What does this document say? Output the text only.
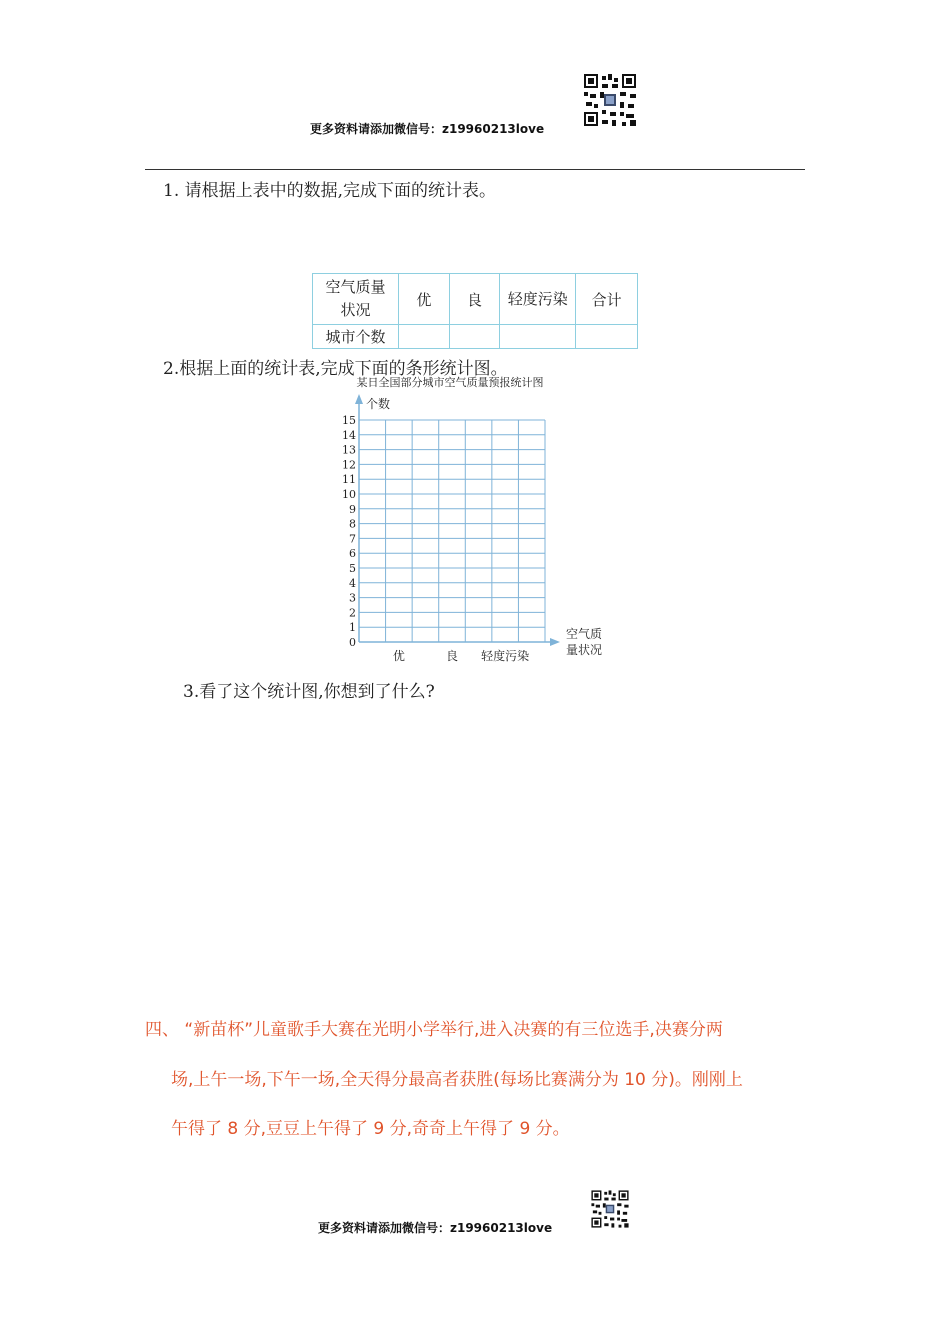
更多资料请添加微信号：z19960213love
1. 请根据上表中的数据,完成下面的统计表。
空气质量状况	优	良	轻度污染	合计
城市个数				
2.根据上面的统计表,完成下面的条形统计图。
某日全国部分城市空气质量预报统计图
个数
0
1
2
3
4
5
6
7
8
9
10
11
12
13
14
15
优	良 轻度污染
空气质
量状况
3.看了这个统计图,你想到了什么?
四、 “新苗杯”儿童歌手大赛在光明小学举行,进入决赛的有三位选手,决赛分两
场,上午一场,下午一场,全天得分最高者获胜(每场比赛满分为 10 分)。刚刚上
午得了 8 分,豆豆上午得了 9 分,奇奇上午得了 9 分。
更多资料请添加微信号：z19960213love
